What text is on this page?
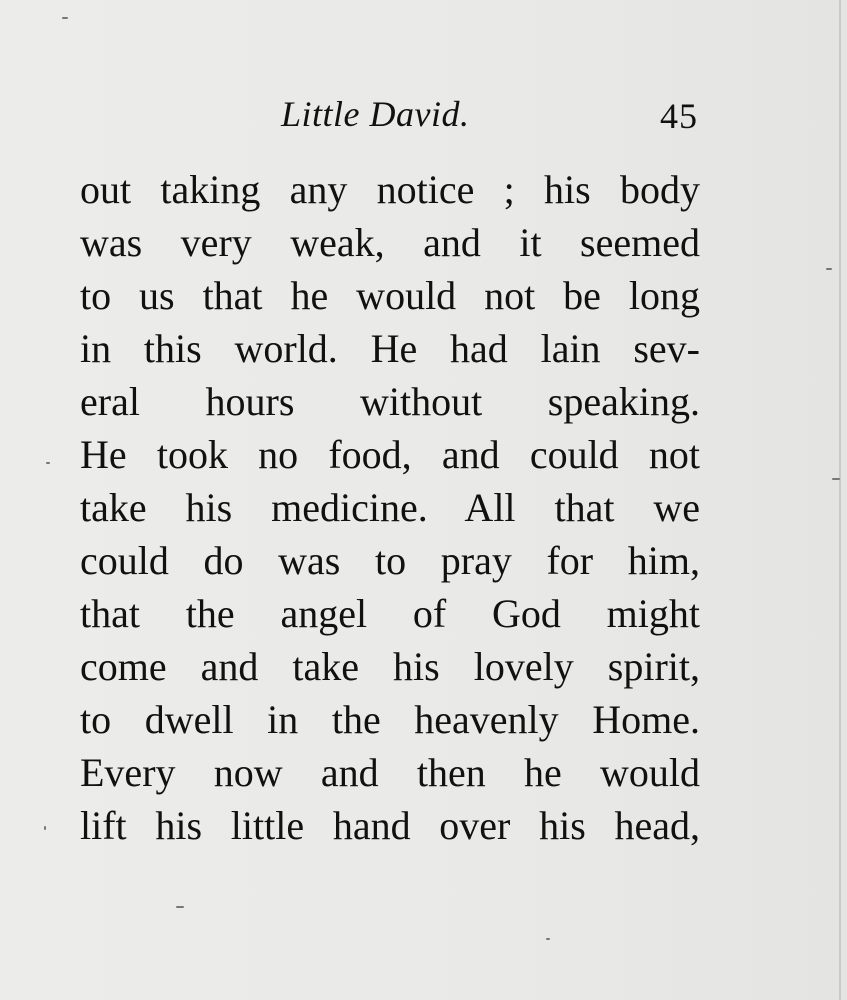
Little David.	45
out taking any notice ; his body
was very weak, and it seemed
to us that he would not be long
in this world. He had lain sev-
eral hours without speaking.
He took no food, and could not
take his medicine. All that we
could do was to pray for him,
that the angel of God might
come and take his lovely spirit,
to dwell in the heavenly Home.
Every now and then he would
lift his little hand over his head,
